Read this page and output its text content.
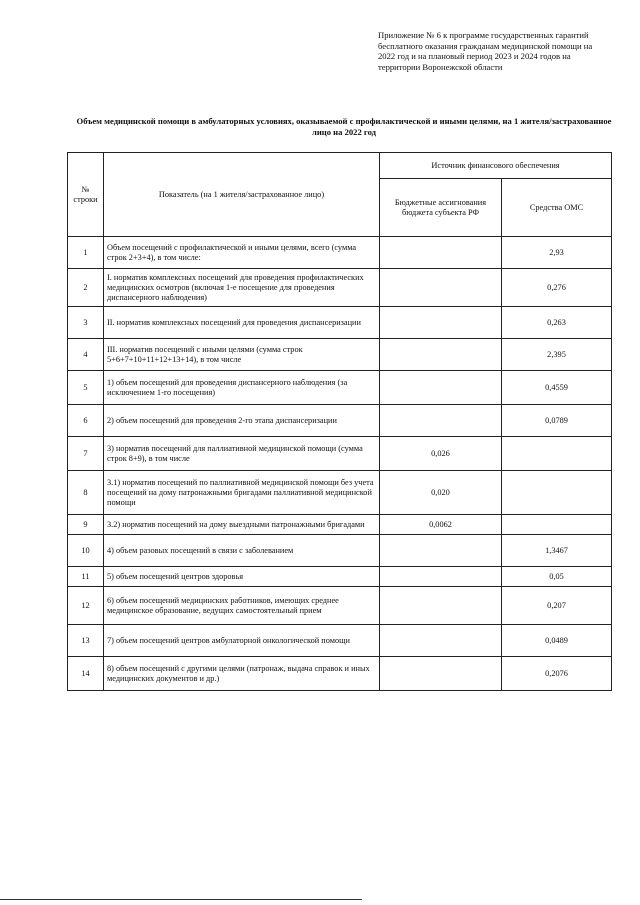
Приложение № 6 к программе государственных гарантий бесплатного оказания гражданам медицинской помощи на 2022 год и на плановый период 2023 и 2024 годов на территории Воронежской области
Объем медицинской помощи в амбулаторных условиях, оказываемой с профилактической и иными целями, на 1 жителя/застрахованное лицо на 2022 год
№ строки	Показатель (на 1 жителя/застрахованное лицо)	Источник финансового обеспечения	
		Бюджетные ассигнования бюджета субъекта РФ	Средства ОМС
1	Объем посещений с профилактической и иными целями, всего (сумма строк 2+3+4), в том числе:		2,93
2	I. норматив комплексных посещений для проведения профилактических медицинских осмотров (включая 1-е посещение для проведения диспансерного наблюдения)		0,276
3	II. норматив комплексных посещений для проведения диспансеризации		0,263
4	III. норматив посещений с иными целями (сумма строк 5+6+7+10+11+12+13+14), в том числе		2,395
5	1) объем посещений для проведения диспансерного наблюдения (за исключением 1-го посещения)		0,4559
6	2) объем посещений для проведения 2-го этапа диспансеризации		0,0789
7	3) норматив посещений для паллиативной медицинской помощи (сумма строк 8+9), в том числе	0,026	
8	3.1) норматив посещений по паллиативной медицинской помощи без учета посещений на дому патронажными бригадами паллиативной медицинской помощи	0,020	
9	3.2) норматив посещений на дому выездными патронажными бригадами	0,0062	
10	4) объем разовых посещений в связи с заболеванием		1,3467
11	5) объем посещений центров здоровья		0,05
12	6) объем посещений медицинских работников, имеющих среднее медицинское образование, ведущих самостоятельный прием		0,207
13	7) объем посещений центров амбулаторной онкологической помощи		0,0489
14	8) объем посещений с другими целями (патронаж, выдача справок и иных медицинских документов и др.)		0,2076
